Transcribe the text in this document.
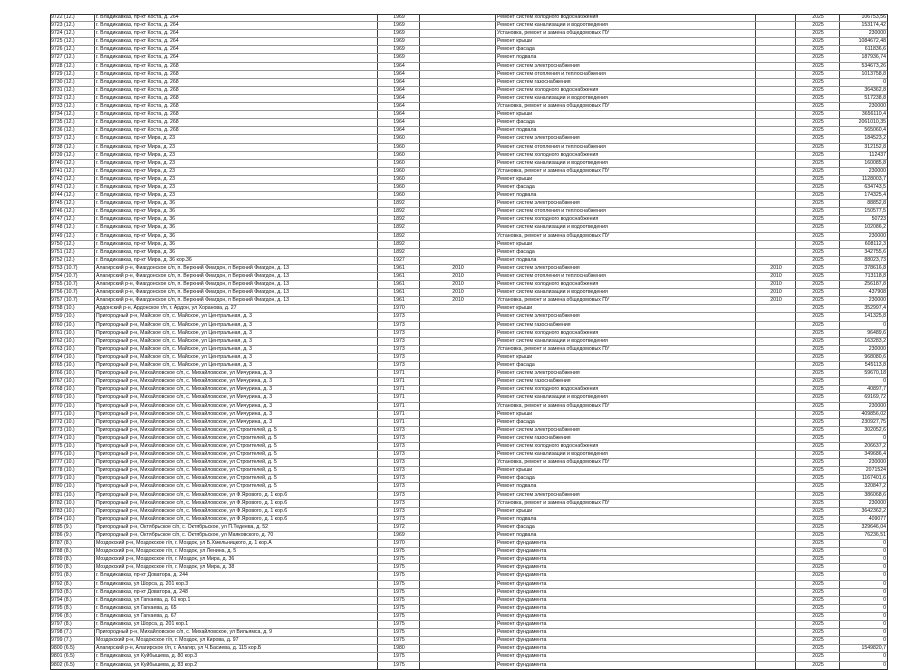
9722 (12.)	г. Владикавказ, пр-кт Коста, д. 264	1969	Ремонт систем холодного водоснабжения	2025	106753,56
9723 (12.)	г. Владикавказ, пр-кт Коста, д. 264	1969	Ремонт систем канализации и водоотведения	2025	153174,42
9724 (12.)	г. Владикавказ, пр-кт Коста, д. 264	1969	Установка, ремонт и замена общедомовых ПУ	2025	230000
9725 (12.)	г. Владикавказ, пр-кт Коста, д. 264	1969	Ремонт крыши	2025	1084672,48
9726 (12.)	г. Владикавказ, пр-кт Коста, д. 264	1969	Ремонт фасада	2025	611836,6
9727 (12.)	г. Владикавказ, пр-кт Коста, д. 264	1969	Ремонт подвала	2025	187936,74
9728 (12.)	г. Владикавказ, пр-кт Коста, д. 268	1964	Ремонт систем электроснабжения	2025	534673,26
9729 (12.)	г. Владикавказ, пр-кт Коста, д. 268	1964	Ремонт систем отопления и теплоснабжения	2025	1013758,8
9730 (12.)	г. Владикавказ, пр-кт Коста, д. 268	1964	Ремонт систем газоснабжения	2025	0
9731 (12.)	г. Владикавказ, пр-кт Коста, д. 268	1964	Ремонт систем холодного водоснабжения	2025	364362,8
9732 (12.)	г. Владикавказ, пр-кт Коста, д. 268	1964	Ремонт систем канализации и водоотведения	2025	517238,8
9733 (12.)	г. Владикавказ, пр-кт Коста, д. 268	1964	Установка, ремонт и замена общедомовых ПУ	2025	230000
9734 (12.)	г. Владикавказ, пр-кт Коста, д. 268	1964	Ремонт крыши	2025	3656110,4
9735 (12.)	г. Владикавказ, пр-кт Коста, д. 268	1964	Ремонт фасада	2025	2061010,35
9736 (12.)	г. Владикавказ, пр-кт Коста, д. 268	1964	Ремонт подвала	2025	565060,4
9737 (12.)	г. Владикавказ, пр-кт Мира, д. 23	1960	Ремонт систем электроснабжения	2025	184523,2
9738 (12.)	г. Владикавказ, пр-кт Мира, д. 23	1960	Ремонт систем отопления и теплоснабжения	2025	312152,8
9739 (12.)	г. Владикавказ, пр-кт Мира, д. 23	1960	Ремонт систем холодного водоснабжения	2025	112437
9740 (12.)	г. Владикавказ, пр-кт Мира, д. 23	1960	Ремонт систем канализации и водоотведения	2025	160085,8
9741 (12.)	г. Владикавказ, пр-кт Мира, д. 23	1960	Установка, ремонт и замена общедомовых ПУ	2025	230000
9742 (12.)	г. Владикавказ, пр-кт Мира, д. 23	1960	Ремонт крыши	2025	1128003,7
9743 (12.)	г. Владикавказ, пр-кт Мира, д. 23	1960	Ремонт фасада	2025	634743,5
9744 (12.)	г. Владикавказ, пр-кт Мира, д. 23	1960	Ремонт подвала	2025	174325,4
9745 (12.)	г. Владикавказ, пр-кт Мира, д. 36	1892	Ремонт систем электроснабжения	2025	88852,8
9746 (12.)	г. Владикавказ, пр-кт Мира, д. 36	1892	Ремонт систем отопления и теплоснабжения	2025	150577,5
9747 (12.)	г. Владикавказ, пр-кт Мира, д. 36	1892	Ремонт систем холодного водоснабжения	2025	50723
9748 (12.)	г. Владикавказ, пр-кт Мира, д. 36	1892	Ремонт систем канализации и водоотведения	2025	102086,2
9749 (12.)	г. Владикавказ, пр-кт Мира, д. 36	1892	Установка, ремонт и замена общедомовых ПУ	2025	230000
9750 (12.)	г. Владикавказ, пр-кт Мира, д. 36	1892	Ремонт крыши	2025	608112,3
9751 (12.)	г. Владикавказ, пр-кт Мира, д. 36	1892	Ремонт фасада	2025	342755,6
9752 (12.)	г. Владикавказ, пр-кт Мира, д. 36 кор.36	1927	Ремонт подвала	2025	88023,73
9753 (10.7)	Алагирский р-н, Фиагдонское с/п, п. Верхний Фиагдон, п Верхний Фиагдон, д. 13	1961	2010	Ремонт систем электроснабжения	2010	2025	378616,8
9754 (10.7)	Алагирский р-н, Фиагдонское с/п, п. Верхний Фиагдон, п Верхний Фиагдон, д. 13	1961	2010	Ремонт систем отопления и теплоснабжения	2010	2025	713118,8
9755 (10.7)	Алагирский р-н, Фиагдонское с/п, п. Верхний Фиагдон, п Верхний Фиагдон, д. 13	1961	2010	Ремонт систем холодного водоснабжения	2010	2025	256187,8
9756 (10.7)	Алагирский р-н, Фиагдонское с/п, п. Верхний Фиагдон, п Верхний Фиагдон, д. 13	1961	2010	Ремонт систем канализации и водоотведения	2010	2025	437908
9757 (10.7)	Алагирский р-н, Фиагдонское с/п, п. Верхний Фиагдон, п Верхний Фиагдон, д. 13	1961	2010	Установка, ремонт и замена общедомовых ПУ	2010	2025	230000
9758 (10.)	Ардонский р-н, Ардонское г/п, г. Ардон, ул Хоранова, д. 27	1970	Ремонт крыши	2025	352997,4
9759 (10.)	Пригородный р-н, Майское с/п, с. Майское, ул Центральная, д. 3	1973	Ремонт систем электроснабжения	2025	141325,8
9760 (10.)	Пригородный р-н, Майское с/п, с. Майское, ул Центральная, д. 3	1973	Ремонт систем газоснабжения	2025	0
9761 (10.)	Пригородный р-н, Майское с/п, с. Майское, ул Центральная, д. 3	1973	Ремонт систем холодного водоснабжения	2025	96489,6
9762 (10.)	Пригородный р-н, Майское с/п, с. Майское, ул Центральная, д. 3	1973	Ремонт систем канализации и водоотведения	2025	163283,2
9763 (10.)	Пригородный р-н, Майское с/п, с. Майское, ул Центральная, д. 3	1973	Установка, ремонт и замена общедомовых ПУ	2025	230000
9764 (10.)	Пригородный р-н, Майское с/п, с. Майское, ул Центральная, д. 3	1973	Ремонт крыши	2025	968080,6
9765 (10.)	Пригородный р-н, Майское с/п, с. Майское, ул Центральная, д. 3	1973	Ремонт фасада	2025	545113,8
9766 (10.)	Пригородный р-н, Михайловское с/п, с. Михайловское, ул Мичурина, д. 3	1971	Ремонт систем электроснабжения	2025	59670,18
9767 (10.)	Пригородный р-н, Михайловское с/п, с. Михайловское, ул Мичурина, д. 3	1971	Ремонт систем газоснабжения	2025	0
9768 (10.)	Пригородный р-н, Михайловское с/п, с. Михайловское, ул Мичурина, д. 3	1971	Ремонт систем холодного водоснабжения	2025	40897,7
9769 (10.)	Пригородный р-н, Михайловское с/п, с. Михайловское, ул Мичурина, д. 3	1971	Ремонт систем канализации и водоотведения	2025	69169,72
9770 (10.)	Пригородный р-н, Михайловское с/п, с. Михайловское, ул Мичурина, д. 3	1971	Установка, ремонт и замена общедомовых ПУ	2025	230000
9771 (10.)	Пригородный р-н, Михайловское с/п, с. Михайловское, ул Мичурина, д. 3	1971	Ремонт крыши	2025	409856,02
9772 (10.)	Пригородный р-н, Михайловское с/п, с. Михайловское, ул Мичурина, д. 3	1971	Ремонт фасада	2025	230927,75
9773 (10.)	Пригородный р-н, Михайловское с/п, с. Михайловское, ул Строителей, д. 5	1973	Ремонт систем электроснабжения	2025	302052,6
9774 (10.)	Пригородный р-н, Михайловское с/п, с. Михайловское, ул Строителей, д. 5	1973	Ремонт систем газоснабжения	2025	0
9775 (10.)	Пригородный р-н, Михайловское с/п, с. Михайловское, ул Строителей, д. 5	1973	Ремонт систем холодного водоснабжения	2025	206637,2
9776 (10.)	Пригородный р-н, Михайловское с/п, с. Михайловское, ул Строителей, д. 5	1973	Ремонт систем канализации и водоотведения	2025	349686,4
9777 (10.)	Пригородный р-н, Михайловское с/п, с. Михайловское, ул Строителей, д. 5	1973	Установка, ремонт и замена общедомовых ПУ	2025	230000
9778 (10.)	Пригородный р-н, Михайловское с/п, с. Михайловское, ул Строителей, д. 5	1973	Ремонт крыши	2025	2071524
9779 (10.)	Пригородный р-н, Михайловское с/п, с. Михайловское, ул Строителей, д. 5	1973	Ремонт фасада	2025	1167401,6
9780 (10.)	Пригородный р-н, Михайловское с/п, с. Михайловское, ул Строителей, д. 5	1973	Ремонт подвала	2025	320847,2
9781 (10.)	Пригородный р-н, Михайловское с/п, с. Михайловское, ул Ф.Ярового, д. 1 кор.6	1973	Ремонт систем электроснабжения	2025	386068,6
9782 (10.)	Пригородный р-н, Михайловское с/п, с. Михайловское, ул Ф.Ярового, д. 1 кор.6	1973	Установка, ремонт и замена общедомовых ПУ	2025	230000
9783 (10.)	Пригородный р-н, Михайловское с/п, с. Михайловское, ул Ф.Ярового, д. 1 кор.6	1973	Ремонт крыши	2025	3642362,2
9784 (10.)	Пригородный р-н, Михайловское с/п, с. Михайловское, ул Ф.Ярового, д. 1 кор.6	1973	Ремонт подвала	2025	409077
9785 (9.)	Пригородный р-н, Октябрьское с/п, с. Октябрьское, ул П.Тедеева, д. 52	1972	Ремонт фасада	2025	329646,04
9786 (9.)	Пригородный р-н, Октябрьское с/п, с. Октябрьское, ул Маяковского, д. 70	1969	Ремонт подвала	2025	76236,51
9787 (8.)	Моздокский р-н, Моздокское г/п, г. Моздок, ул Б.Хмельницкого, д. 1 кор.А	1970	Ремонт фундамента	2025	0
9788 (8.)	Моздокский р-н, Моздокское г/п, г. Моздок, ул Ленина, д. 5	1975	Ремонт фундамента	2025	0
9789 (8.)	Моздокский р-н, Моздокское г/п, г. Моздок, ул Мира, д. 36	1975	Ремонт фундамента	2025	0
9790 (8.)	Моздокский р-н, Моздокское г/п, г. Моздок, ул Мира, д. 38	1975	Ремонт фундамента	2025	0
9791 (8.)	г. Владикавказ, пр-кт Доватора, д. 244	1975	Ремонт фундамента	2025	0
9792 (8.)	г. Владикавказ, ул Шорса, д. 201 кор.3	1975	Ремонт фундамента	2025	0
9793 (8.)	г. Владикавказ, пр-кт Доватора, д. 248	1975	Ремонт фундамента	2025	0
9794 (8.)	г. Владикавказ, ул Гагкаева, д. 61 кор.1	1975	Ремонт фундамента	2025	0
9795 (8.)	г. Владикавказ, ул Гагкаева, д. 65	1975	Ремонт фундамента	2025	0
9796 (8.)	г. Владикавказ, ул Гагкаева, д. 67	1975	Ремонт фундамента	2025	0
9797 (8.)	г. Владикавказ, ул Шорса, д. 201 кор.1	1975	Ремонт фундамента	2025	0
9798 (7.)	Пригородный р-н, Михайловское с/п, с. Михайловское, ул Вильямса, д. 9	1975	Ремонт фундамента	2025	0
9799 (7.)	Моздокский р-н, Моздокское г/п, г. Моздок, ул Кирова, д. 97	1975	Ремонт фундамента	2025	0
9800 (6.5)	Алагирский р-н, Алагирское г/п, г. Алагир, ул Ч.Басиева, д. 115 кор.Б	1980	Ремонт фундамента	2025	1549820,7
9801 (6.5)	г. Владикавказ, ул Куйбышева, д. 80 кор.3	1975	Ремонт фундамента	2025	0
9802 (6.5)	г. Владикавказ, ул Куйбышева, д. 83 кор.2	1975	Ремонт фундамента	2025	0
